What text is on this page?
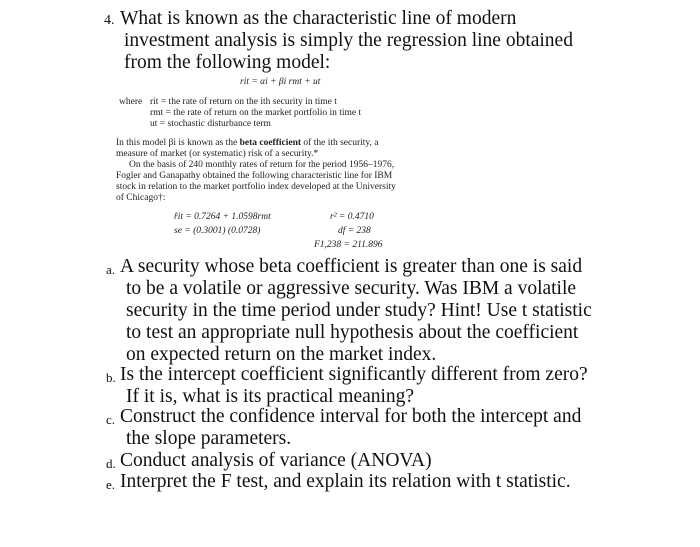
4. What is known as the characteristic line of modern
investment analysis is simply the regression line obtained
from the following model:
rit = αi + βi rmt + ut
where rit = the rate of return on the ith security in time t
rmt = the rate of return on the market portfolio in time t
ut = stochastic disturbance term
In this model βi is known as the beta coefficient of the ith security, a
measure of market (or systematic) risk of a security.*
On the basis of 240 monthly rates of return for the period 1956–1976,
Fogler and Ganapathy obtained the following characteristic line for IBM
stock in relation to the market portfolio index developed at the University
of Chicago†:
r̂it = 0.7264 + 1.0598rmt
se = (0.3001) (0.0728)
r² = 0.4710
df = 238
F1,238 = 211.896
a. A security whose beta coefficient is greater than one is said
to be a volatile or aggressive security. Was IBM a volatile
security in the time period under study? Hint! Use t statistic
to test an appropriate null hypothesis about the coefficient
on expected return on the market index.
b. Is the intercept coefficient significantly different from zero?
If it is, what is its practical meaning?
c. Construct the confidence interval for both the intercept and
the slope parameters.
d. Conduct analysis of variance (ANOVA)
e. Interpret the F test, and explain its relation with t statistic.
